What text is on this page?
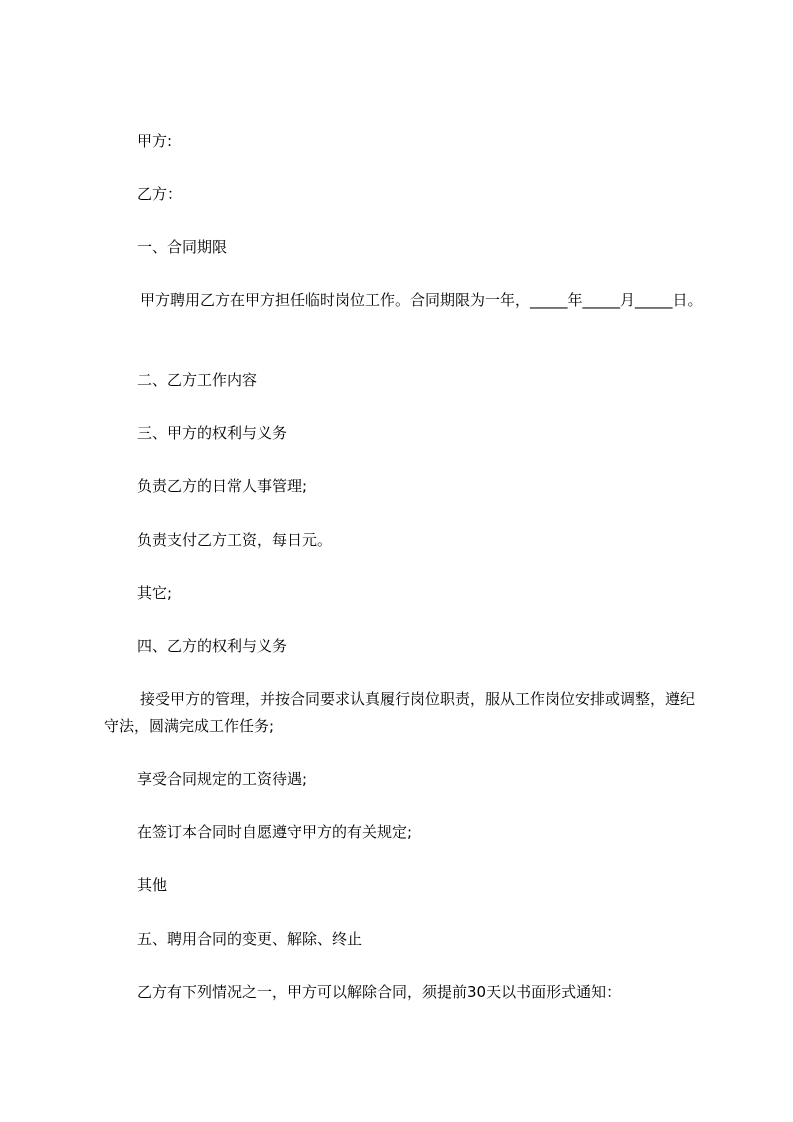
甲方:

乙方：

一、合同期限

甲方聘用乙方在甲方担任临时岗位工作。合同期限为一年，_____年_____月_____日。

二、乙方工作内容

三、甲方的权利与义务

负责乙方的日常人事管理;

负责支付乙方工资，每日元。

其它;

四、乙方的权利与义务

接受甲方的管理，并按合同要求认真履行岗位职责，服从工作岗位安排或调整，遵纪守法，圆满完成工作任务;

享受合同规定的工资待遇;

在签订本合同时自愿遵守甲方的有关规定;

其他

五、聘用合同的变更、解除、终止

乙方有下列情况之一，甲方可以解除合同，须提前30天以书面形式通知：
